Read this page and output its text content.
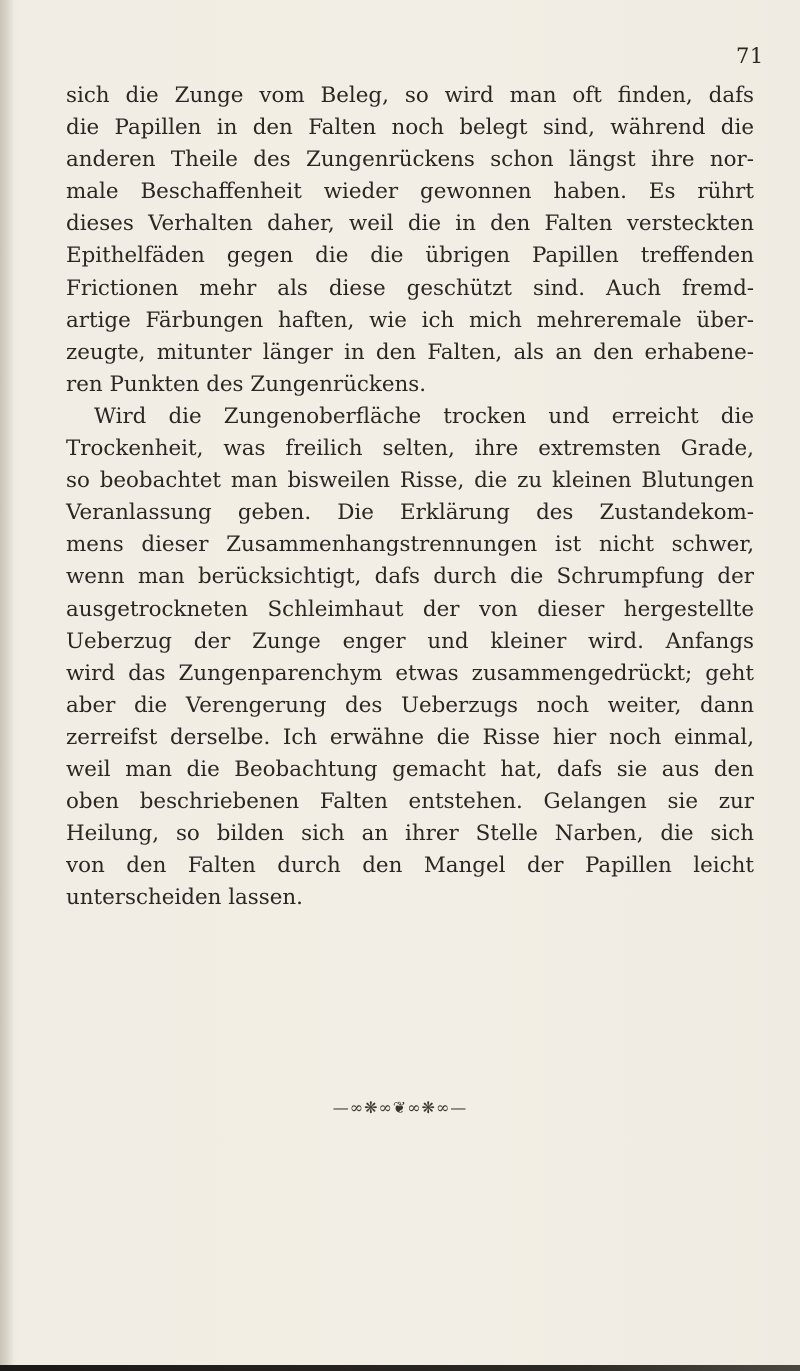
71
sich die Zunge vom Beleg, so wird man oft finden, dafs
die Papillen in den Falten noch belegt sind, während die
anderen Theile des Zungenrückens schon längst ihre nor-
male Beschaffenheit wieder gewonnen haben. Es rührt
dieses Verhalten daher, weil die in den Falten versteckten
Epithelfäden gegen die die übrigen Papillen treffenden
Frictionen mehr als diese geschützt sind. Auch fremd-
artige Färbungen haften, wie ich mich mehreremale über-
zeugte, mitunter länger in den Falten, als an den erhabene-
ren Punkten des Zungenrückens.
Wird die Zungenoberfläche trocken und erreicht die
Trockenheit, was freilich selten, ihre extremsten Grade,
so beobachtet man bisweilen Risse, die zu kleinen Blutungen
Veranlassung geben. Die Erklärung des Zustandekom-
mens dieser Zusammenhangstrennungen ist nicht schwer,
wenn man berücksichtigt, dafs durch die Schrumpfung der
ausgetrockneten Schleimhaut der von dieser hergestellte
Ueberzug der Zunge enger und kleiner wird. Anfangs
wird das Zungenparenchym etwas zusammengedrückt; geht
aber die Verengerung des Ueberzugs noch weiter, dann
zerreifst derselbe. Ich erwähne die Risse hier noch einmal,
weil man die Beobachtung gemacht hat, dafs sie aus den
oben beschriebenen Falten entstehen. Gelangen sie zur
Heilung, so bilden sich an ihrer Stelle Narben, die sich
von den Falten durch den Mangel der Papillen leicht
unterscheiden lassen.
—∞❋∞❦∞❋∞—
